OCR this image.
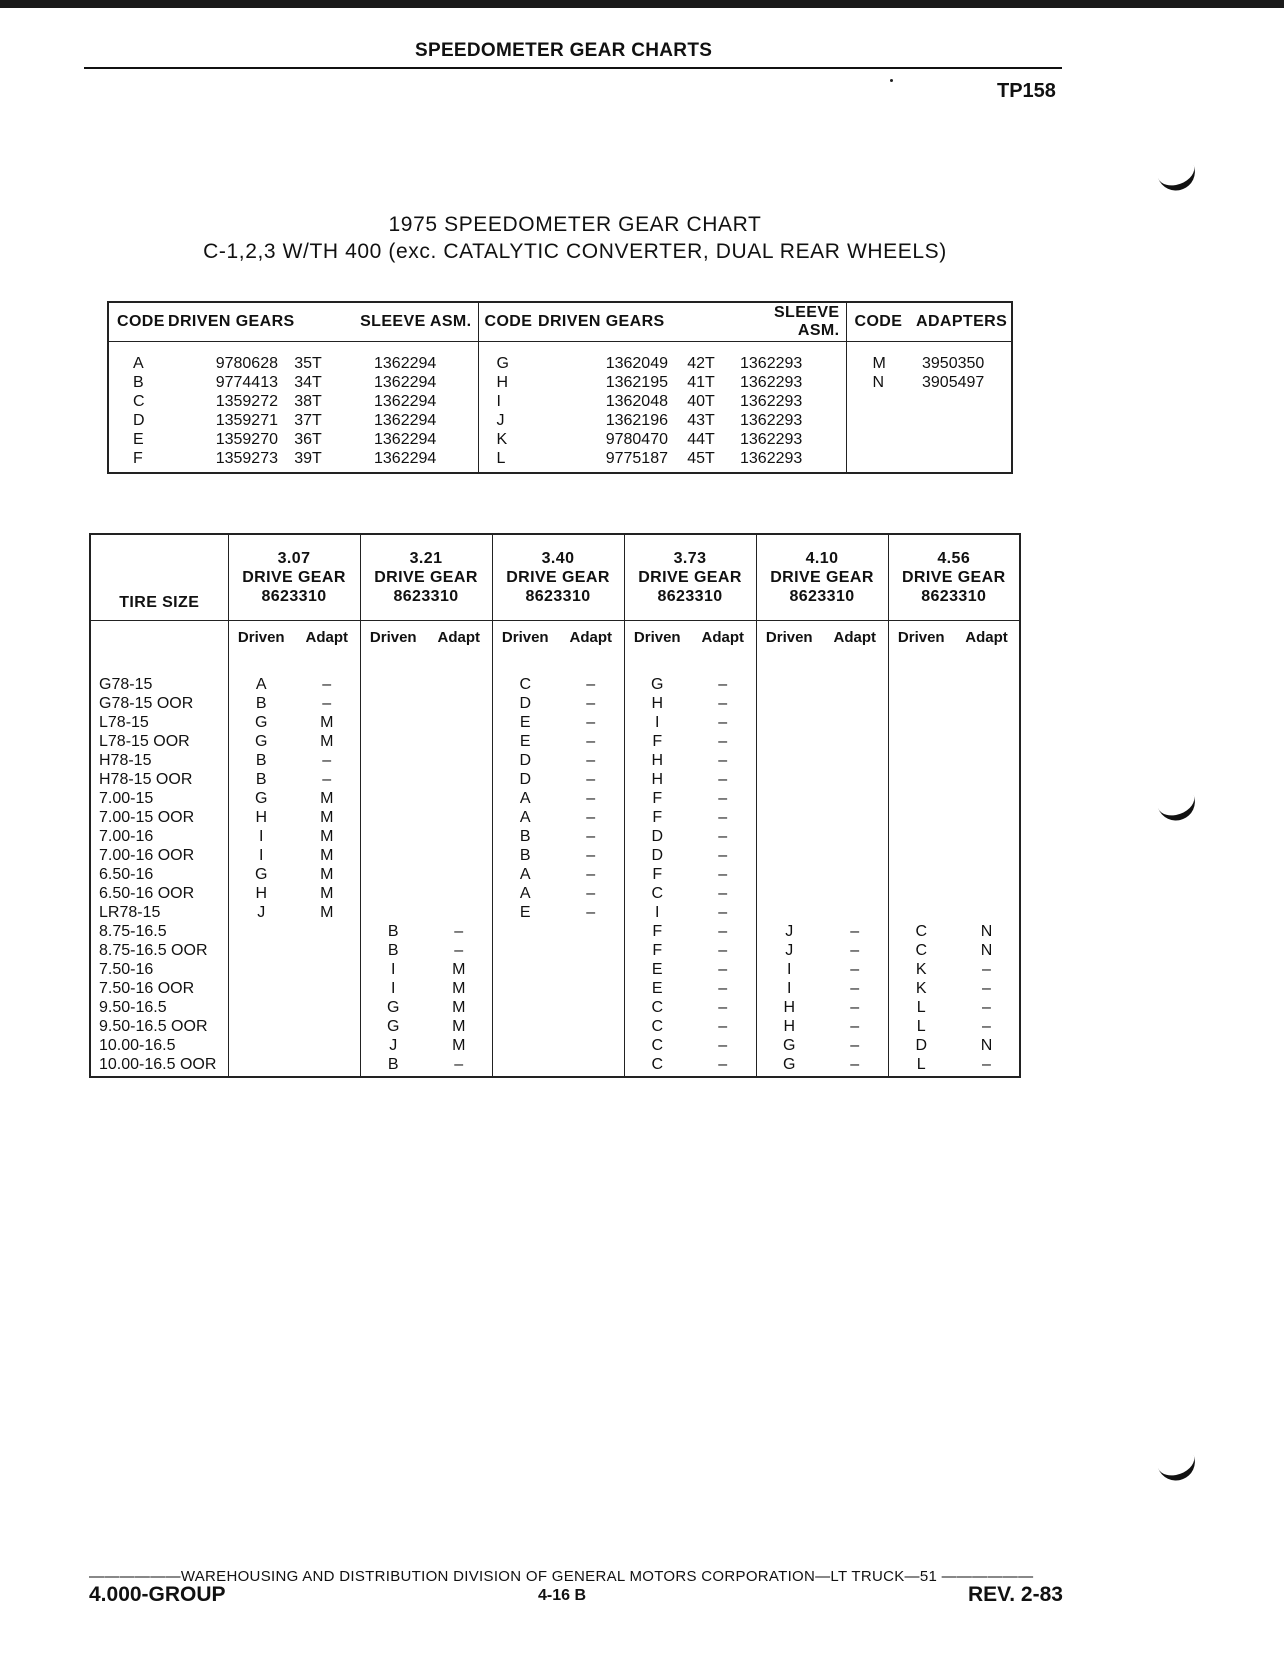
SPEEDOMETER GEAR CHARTS
TP158
1975 SPEEDOMETER GEAR CHART
C-1,2,3 W/TH 400 (exc. CATALYTIC CONVERTER, DUAL REAR WHEELS)
CODE	DRIVEN GEARS		SLEEVE ASM.	CODE	DRIVEN GEARS		SLEEVE ASM.	CODE	ADAPTERS
A	9780628	35T	1362294	G	1362049	42T	1362293	M	3950350
B	9774413	34T	1362294	H	1362195	41T	1362293	N	3905497
C	1359272	38T	1362294	I	1362048	40T	1362293		
D	1359271	37T	1362294	J	1362196	43T	1362293		
E	1359270	36T	1362294	K	9780470	44T	1362293		
F	1359273	39T	1362294	L	9775187	45T	1362293		
TIRE SIZE	3.07
DRIVE GEAR
8623310		3.21
DRIVE GEAR
8623310		3.40
DRIVE GEAR
8623310		3.73
DRIVE GEAR
8623310		4.10
DRIVE GEAR
8623310		4.56
DRIVE GEAR
8623310	

	Driven	Adapt	Driven	Adapt	Driven	Adapt	Driven	Adapt	Driven	Adapt	Driven	Adapt
G78-15	A	–			C	–	G	–				
G78-15 OOR	B	–			D	–	H	–				
L78-15	G	M			E	–	I	–				
L78-15 OOR	G	M			E	–	F	–				
H78-15	B	–			D	–	H	–				
H78-15 OOR	B	–			D	–	H	–				
7.00-15	G	M			A	–	F	–				
7.00-15 OOR	H	M			A	–	F	–				
7.00-16	I	M			B	–	D	–				
7.00-16 OOR	I	M			B	–	D	–				
6.50-16	G	M			A	–	F	–				
6.50-16 OOR	H	M			A	–	C	–				
LR78-15	J	M			E	–	I	–				
8.75-16.5			B	–			F	–	J	–	C	N
8.75-16.5 OOR			B	–			F	–	J	–	C	N
7.50-16			I	M			E	–	I	–	K	–
7.50-16 OOR			I	M			E	–	I	–	K	–
9.50-16.5			G	M			C	–	H	–	L	–
9.50-16.5 OOR			G	M			C	–	H	–	L	–
10.00-16.5			J	M			C	–	G	–	D	N
10.00-16.5 OOR			B	–			C	–	G	–	L	–
——————WAREHOUSING AND DISTRIBUTION DIVISION OF GENERAL MOTORS CORPORATION—LT TRUCK—51 ——————
4.000-GROUP	4-16 B	REV. 2-83
